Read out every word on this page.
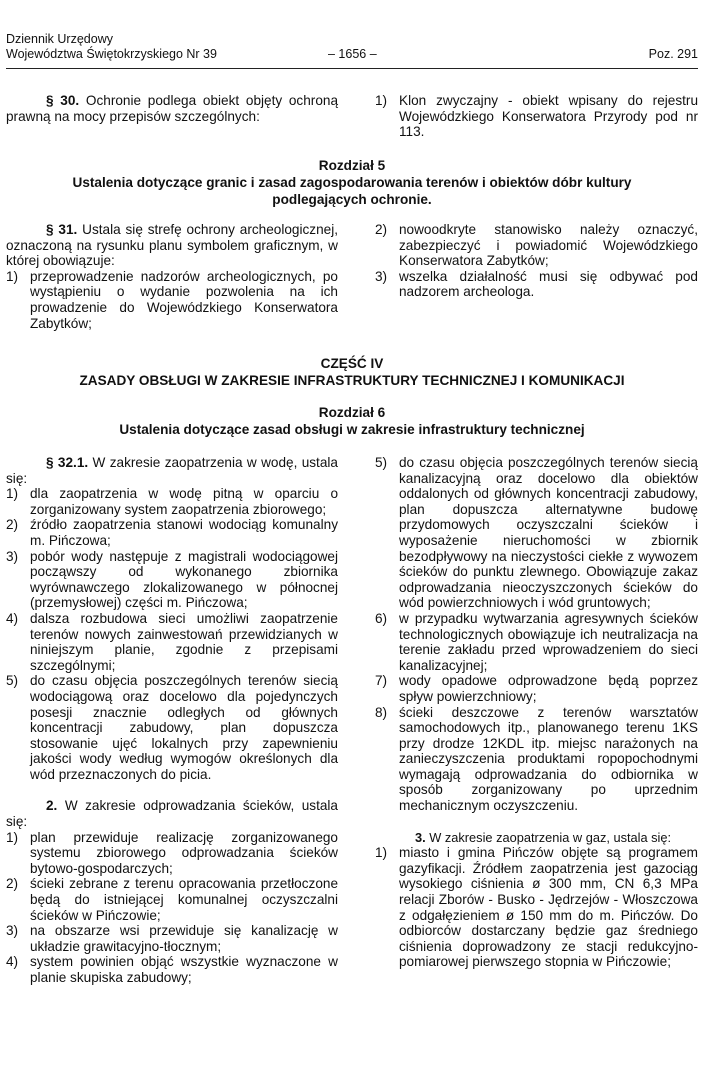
Dziennik Urzędowy
Województwa Świętokrzyskiego Nr 39	– 1656 –	Poz. 291

§ 30. Ochronie podlega obiekt objęty ochroną prawną na mocy przepisów szczególnych:

1) Klon zwyczajny - obiekt wpisany do rejestru Wojewódzkiego Konserwatora Przyrody pod nr 113.
Rozdział 5
Ustalenia dotyczące granic i zasad zagospodarowania terenów i obiektów dóbr kultury
podlegających ochronie.

§ 31. Ustala się strefę ochrony archeologicznej, oznaczoną na rysunku planu symbolem graficznym, w której obowiązuje:

1) przeprowadzenie nadzorów archeologicznych, po wystąpieniu o wydanie pozwolenia na ich prowadzenie do Wojewódzkiego Konserwatora Zabytków;
2) nowoodkryte stanowisko należy oznaczyć, zabezpieczyć i powiadomić Wojewódzkiego Konserwatora Zabytków;
3) wszelka działalność musi się odbywać pod nadzorem archeologa.
CZĘŚĆ IV
ZASADY OBSŁUGI W ZAKRESIE INFRASTRUKTURY TECHNICZNEJ I KOMUNIKACJI
Rozdział 6
Ustalenia dotyczące zasad obsługi w zakresie infrastruktury technicznej

§ 32.1. W zakresie zaopatrzenia w wodę, ustala się:

1) dla zaopatrzenia w wodę pitną w oparciu o zorganizowany system zaopatrzenia zbiorowego;
2) źródło zaopatrzenia stanowi wodociąg komunalny m. Pińczowa;
3) pobór wody następuje z magistrali wodociągowej począwszy od wykonanego zbiornika wyrównawczego zlokalizowanego w północnej (przemysłowej) części m. Pińczowa;
4) dalsza rozbudowa sieci umożliwi zaopatrzenie terenów nowych zainwestowań przewidzianych w niniejszym planie, zgodnie z przepisami szczególnymi;
5) do czasu objęcia poszczególnych terenów siecią wodociągową oraz docelowo dla pojedynczych posesji znacznie odległych od głównych koncentracji zabudowy, plan dopuszcza stosowanie ujęć lokalnych przy zapewnieniu jakości wody według wymogów określonych dla wód przeznaczonych do picia.

2. W zakresie odprowadzania ścieków, ustala się:

1) plan przewiduje realizację zorganizowanego systemu zbiorowego odprowadzania ścieków bytowo-gospodarczych;
2) ścieki zebrane z terenu opracowania przetłoczone będą do istniejącej komunalnej oczyszczalni ścieków w Pińczowie;
3) na obszarze wsi przewiduje się kanalizację w układzie grawitacyjno-tłocznym;
4) system powinien objąć wszystkie wyznaczone w planie skupiska zabudowy;
5) do czasu objęcia poszczególnych terenów siecią kanalizacyjną oraz docelowo dla obiektów oddalonych od głównych koncentracji zabudowy, plan dopuszcza alternatywne budowę przydomowych oczyszczalni ścieków i wyposażenie nieruchomości w zbiornik bezodpływowy na nieczystości ciekłe z wywozem ścieków do punktu zlewnego. Obowiązuje zakaz odprowadzania nieoczyszczonych ścieków do wód powierzchniowych i wód gruntowych;
6) w przypadku wytwarzania agresywnych ścieków technologicznych obowiązuje ich neutralizacja na terenie zakładu przed wprowadzeniem do sieci kanalizacyjnej;
7) wody opadowe odprowadzone będą poprzez spływ powierzchniowy;
8) ścieki deszczowe z terenów warsztatów samochodowych itp., planowanego terenu 1KS przy drodze 12KDL itp. miejsc narażonych na zanieczyszczenia produktami ropopochodnymi wymagają odprowadzania do odbiornika w sposób zorganizowany po uprzednim mechanicznym oczyszczeniu.

3. W zakresie zaopatrzenia w gaz, ustala się:

1) miasto i gmina Pińczów objęte są programem gazyfikacji. Źródłem zaopatrzenia jest gazociąg wysokiego ciśnienia ø 300 mm, CN 6,3 MPa relacji Zborów - Busko - Jędrzejów - Włoszczowa z odgałęzieniem ø 150 mm do m. Pińczów. Do odbiorców dostarczany będzie gaz średniego ciśnienia doprowadzony ze stacji redukcyjno-pomiarowej pierwszego stopnia w Pińczowie;
